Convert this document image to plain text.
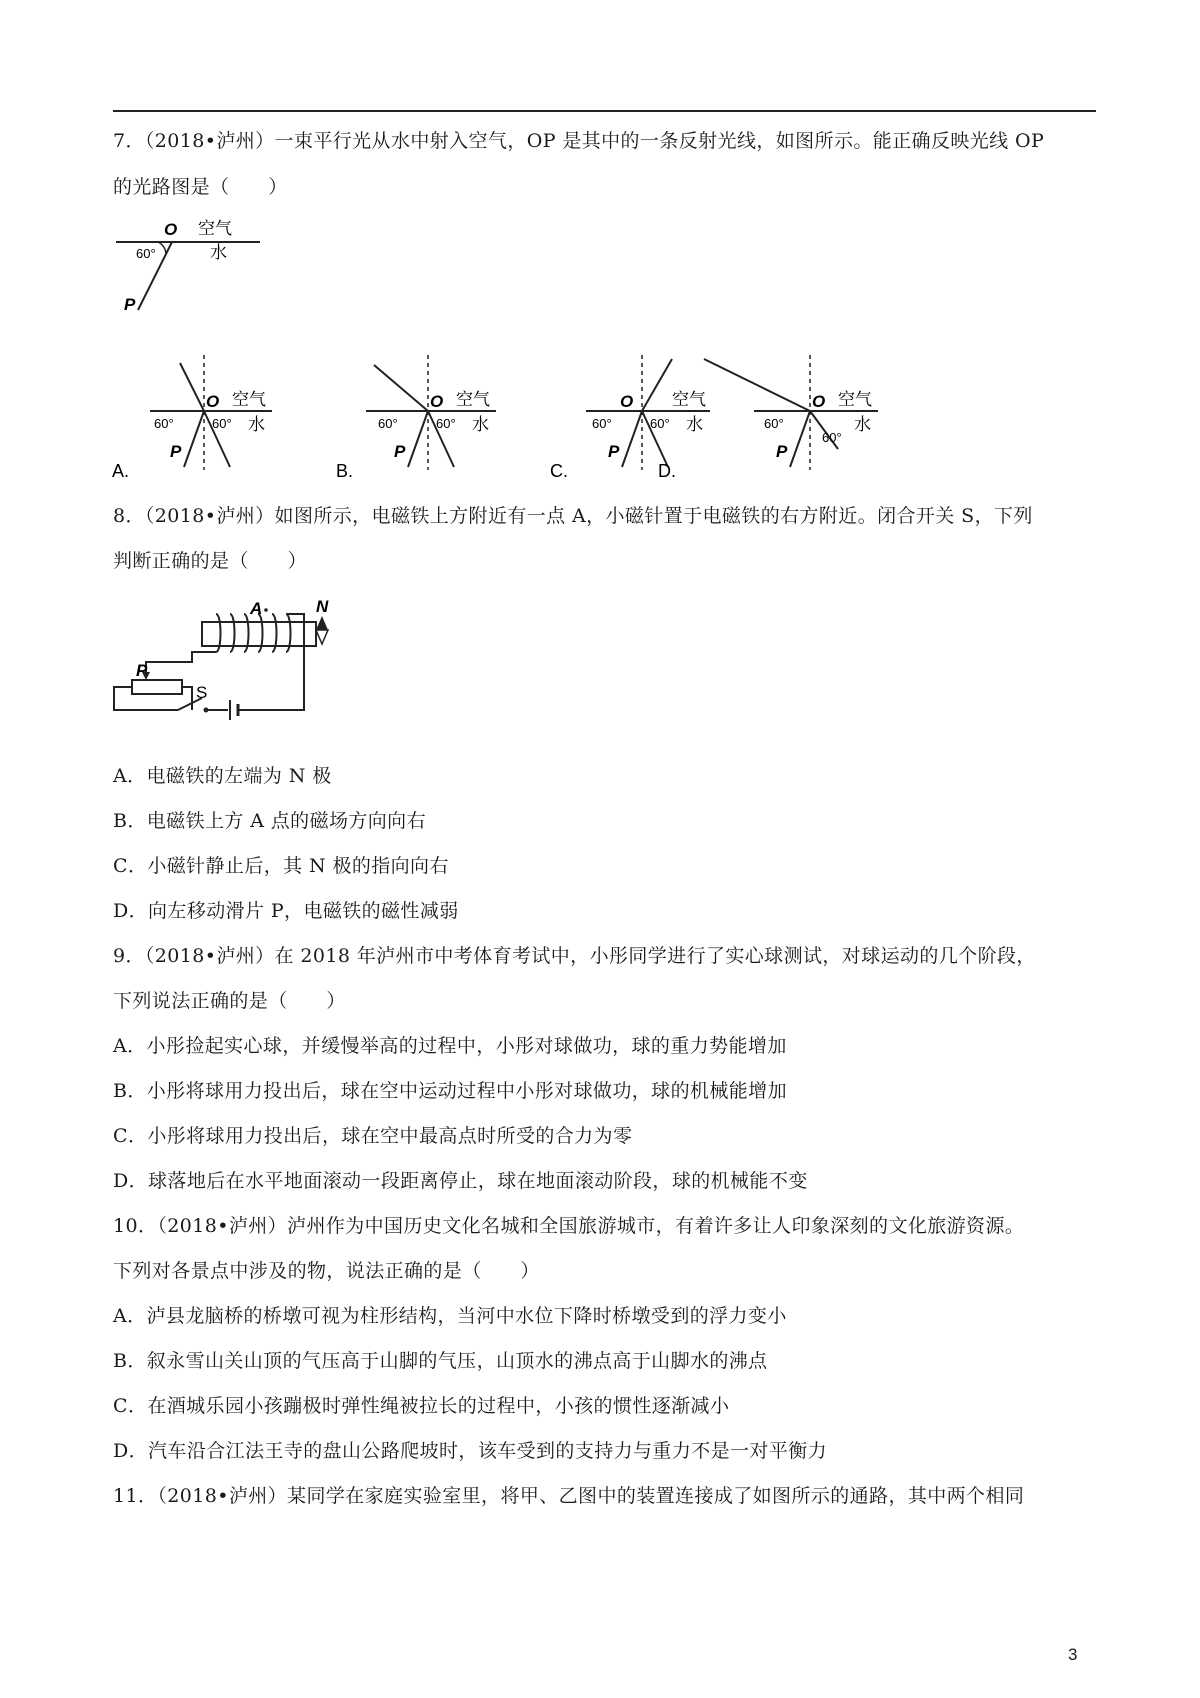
7．（2018•泸州）一束平行光从水中射入空气，OP 是其中的一条反射光线，如图所示。能正确反映光线 OP
的光路图是（　　）
O 空气
水
60°
P
O 空气
水
60°	60°
P
A.
O 空气
水
60°	60°
P
B.
O 空气
水
60°	60°
P
C.
O 空气
水
60°
60°
P
D.
8．（2018•泸州）如图所示，电磁铁上方附近有一点 A，小磁针置于电磁铁的右方附近。闭合开关 S，下列
判断正确的是（　　）
A	N
P
S
A．电磁铁的左端为 N 极
B．电磁铁上方 A 点的磁场方向向右
C．小磁针静止后，其 N 极的指向向右
D．向左移动滑片 P，电磁铁的磁性减弱
9．（2018•泸州）在 2018 年泸州市中考体育考试中，小彤同学进行了实心球测试，对球运动的几个阶段，
下列说法正确的是（　　）
A．小彤捡起实心球，并缓慢举高的过程中，小彤对球做功，球的重力势能增加
B．小彤将球用力投出后，球在空中运动过程中小彤对球做功，球的机械能增加
C．小彤将球用力投出后，球在空中最高点时所受的合力为零
D．球落地后在水平地面滚动一段距离停止，球在地面滚动阶段，球的机械能不变
10．（2018•泸州）泸州作为中国历史文化名城和全国旅游城市，有着许多让人印象深刻的文化旅游资源。
下列对各景点中涉及的物，说法正确的是（　　）
A．泸县龙脑桥的桥墩可视为柱形结构，当河中水位下降时桥墩受到的浮力变小
B．叙永雪山关山顶的气压高于山脚的气压，山顶水的沸点高于山脚水的沸点
C．在酒城乐园小孩蹦极时弹性绳被拉长的过程中，小孩的惯性逐渐减小
D．汽车沿合江法王寺的盘山公路爬坡时，该车受到的支持力与重力不是一对平衡力
11．（2018•泸州）某同学在家庭实验室里，将甲、乙图中的装置连接成了如图所示的通路，其中两个相同
3
